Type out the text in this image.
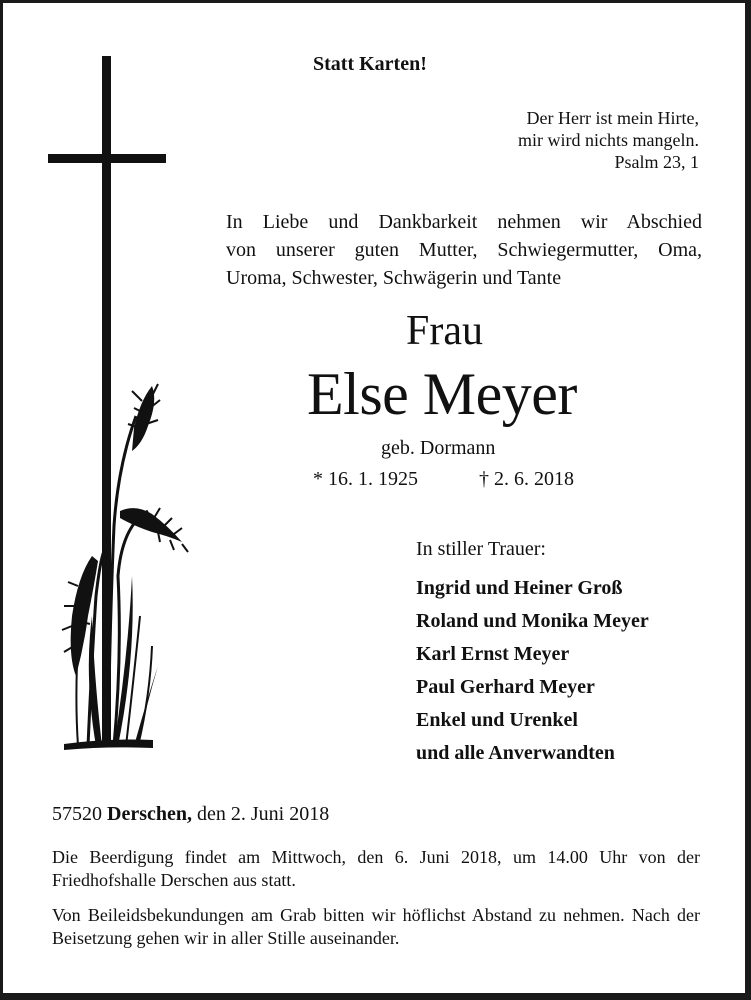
Statt Karten!
Der Herr ist mein Hirte,
mir wird nichts mangeln.
Psalm 23, 1
In Liebe und Dankbarkeit nehmen wir Abschied
von unserer guten Mutter, Schwiegermutter, Oma,
Uroma, Schwester, Schwägerin und Tante
Frau
Else Meyer
geb. Dormann
* 16. 1. 1925	† 2. 6. 2018
In stiller Trauer:
Ingrid und Heiner Groß
Roland und Monika Meyer
Karl Ernst Meyer
Paul Gerhard Meyer
Enkel und Urenkel
und alle Anverwandten
57520 Derschen, den 2. Juni 2018

Die Beerdigung findet am Mittwoch, den 6. Juni 2018, um 14.00 Uhr von der Friedhofshalle Derschen aus statt.

Von Beileidsbekundungen am Grab bitten wir höflichst Abstand zu nehmen. Nach der Beisetzung gehen wir in aller Stille auseinander.
